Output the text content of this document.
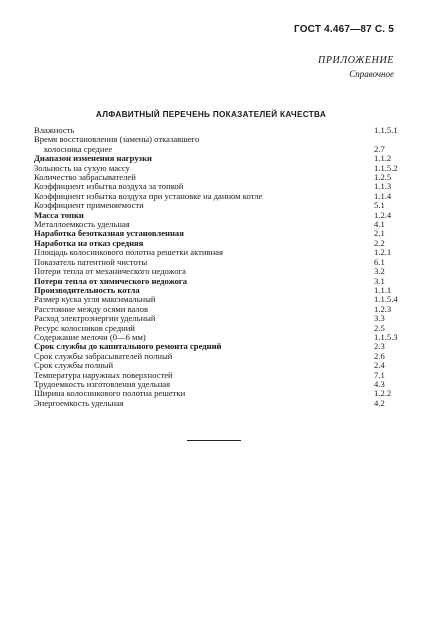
ГОСТ 4.467—87 С. 5
ПРИЛОЖЕНИЕ
Справочное
АЛФАВИТНЫЙ ПЕРЕЧЕНЬ ПОКАЗАТЕЛЕЙ КАЧЕСТВА
Влажность	1.1.5.1
Время восстановления (замены) отказавшего
колосника среднее	2.7
Диапазон изменения нагрузки	1.1.2
Зольность на сухую массу	1.1.5.2
Количество забрасывателей	1.2.5
Коэффициент избытка воздуха за топкой	1.1.3
Коэффициент избытка воздуха при установке на данном котле	1.1.4
Коэффициент применяемости	5.1
Масса топки	1.2.4
Металлоемкость удельная	4.1
Наработка безотказная установленная	2.1
Наработка на отказ средняя	2.2
Площадь колосникового полотна решетки активная	1.2.1
Показатель патентной чистоты	6.1
Потери тепла от механического недожога	3.2
Потери тепла от химического недожога	3.1
Производительность котла	1.1.1
Размер куска угля максимальный	1.1.5.4
Расстояние между осями валов	1.2.3
Расход электроэнергии удельный	3.3
Ресурс колосников средний	2.5
Содержание мелочи (0—6 мм)	1.1.5.3
Срок службы до капитального ремонта средний	2.3
Срок службы забрасывателей полный	2.6
Срок службы полный	2.4
Температура наружных поверхностей	7.1
Трудоемкость изготовления удельная	4.3
Ширина колосникового полотна решетки	1.2.2
Энергоемкость удельная	4.2
